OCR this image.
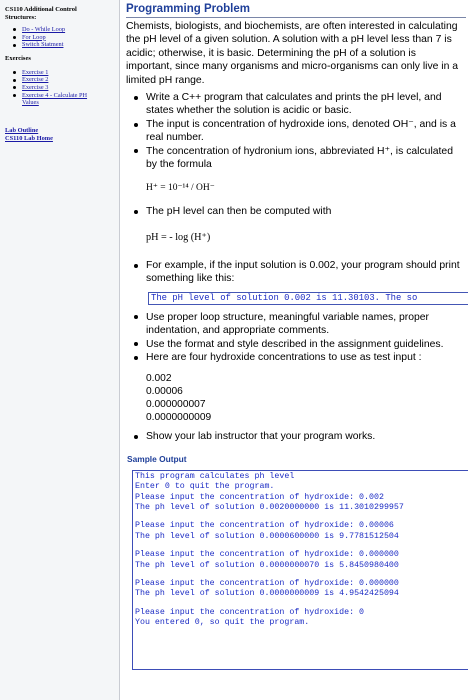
CS110 Additional Control
Structures:
Do - While Loop
For Loop
Switch Statment
Exercises
Exercise 1
Exercise 2
Exercise 3
Exercise 4 - Calculate PH
Values
Lab Outline
CS110 Lab Home
Programming Problem

Chemists, biologists, and biochemists, are often interested in calculating the pH level of a given solution. A solution with a pH level less than 7 is acidic; otherwise, it is basic. Determining the pH of a solution is important, since many organisms and micro-organisms can only live in a limited pH range.

Write a C++ program that calculates and prints the pH level, and states whether the solution is acidic or basic.
The input is concentration of hydroxide ions, denoted OH⁻, and is a real number.
The concentration of hydronium ions, abbreviated H⁺, is calculated by the formula
H⁺ = 10⁻¹⁴ / OH⁻
The pH level can then be computed with
pH = - log (H⁺)
For example, if the input solution is 0.002, your program should print something like this:
The pH level of solution 0.002 is 11.30103. The so
Use proper loop structure, meaningful variable names, proper indentation, and appropriate comments.
Use the format and style described in the assignment guidelines.
Here are four hydroxide concentrations to use as test input :
0.002
0.00006
0.000000007
0.0000000009
Show your lab instructor that your program works.
Sample Output
This program calculates ph level
Enter 0 to quit the program.
Please input the concentration of hydroxide: 0.002
The ph level of solution 0.0020000000 is 11.3010299957
Please input the concentration of hydroxide: 0.00006
The ph level of solution 0.0000600000 is 9.7781512504
Please input the concentration of hydroxide: 0.000000
The ph level of solution 0.0000000070 is 5.8450980400
Please input the concentration of hydroxide: 0.000000
The ph level of solution 0.0000000009 is 4.9542425094
Please input the concentration of hydroxide: 0
You entered 0, so quit the program.
